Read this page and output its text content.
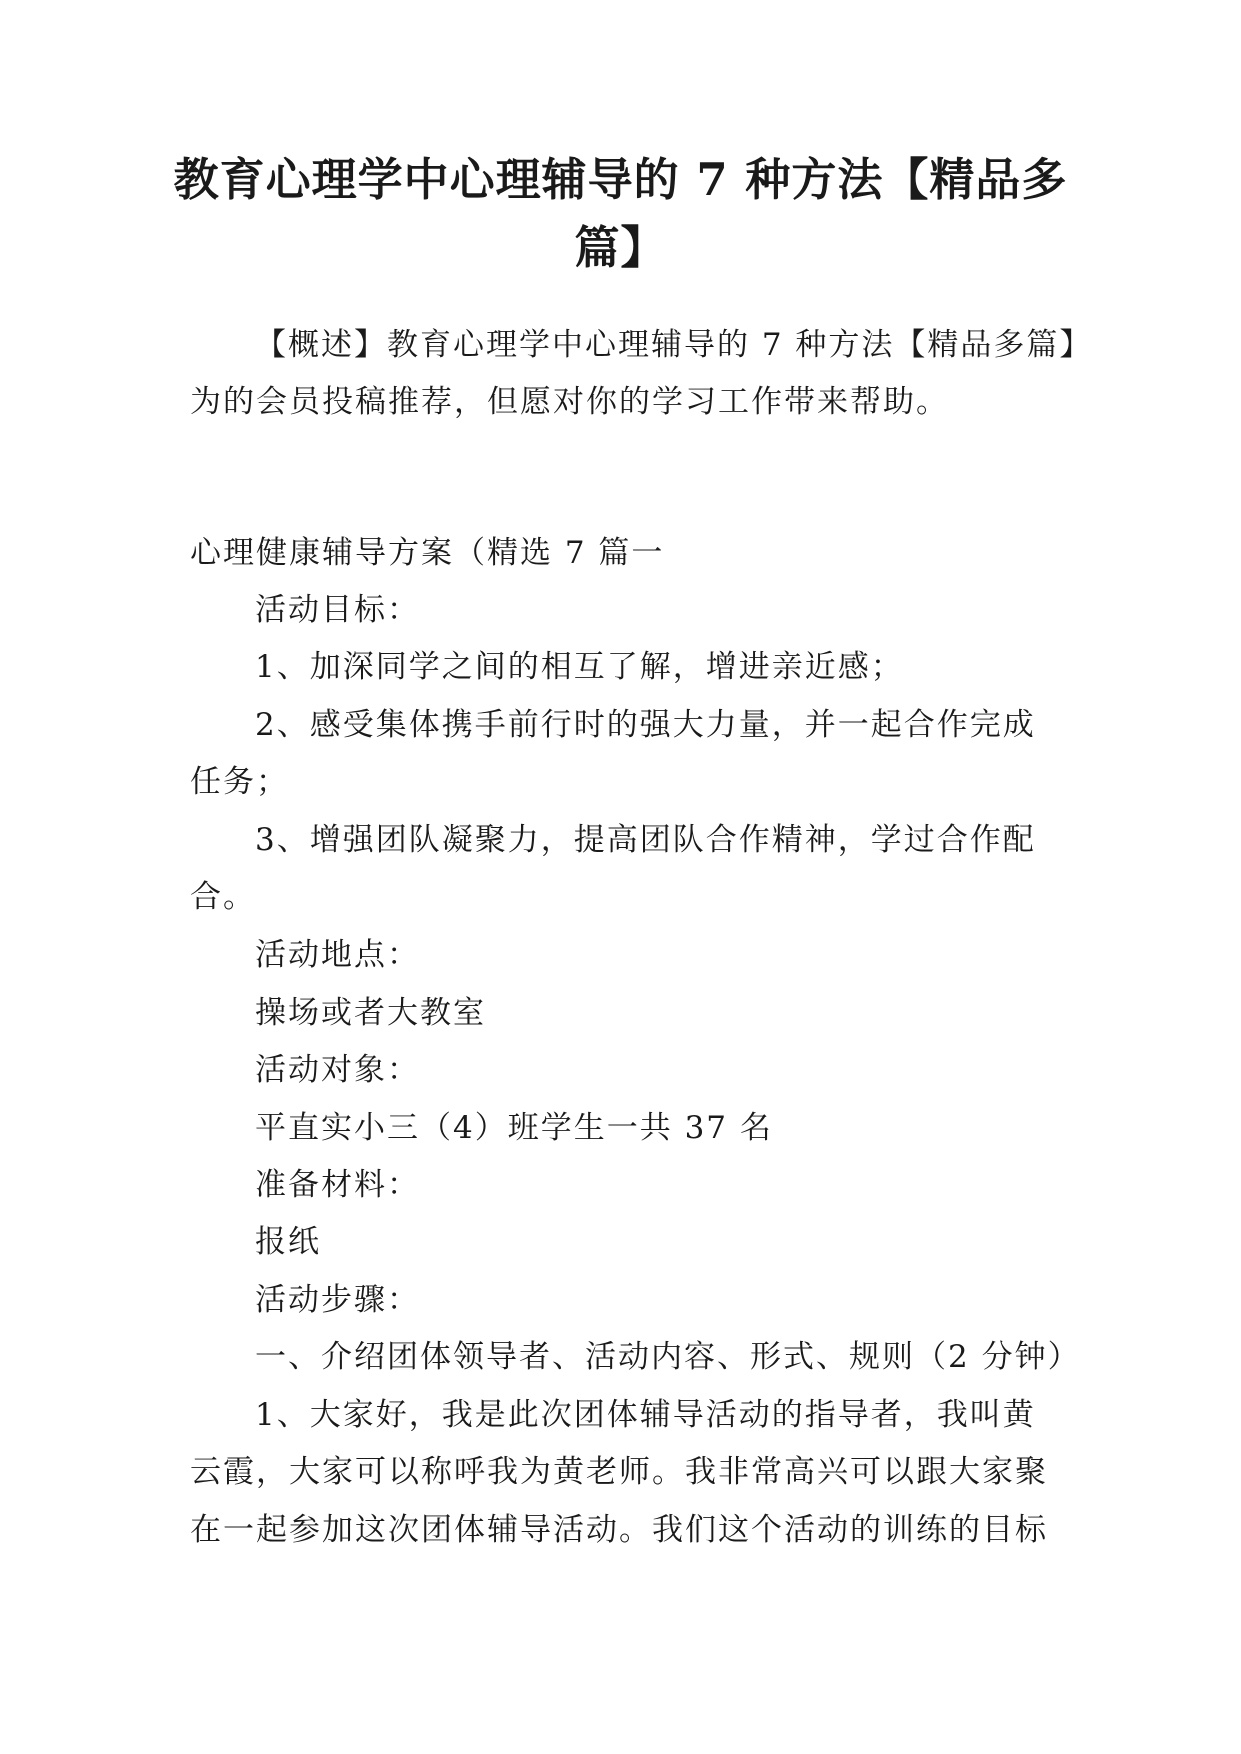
教育心理学中心理辅导的 7 种方法【精品多
篇】

【概述】教育心理学中心理辅导的 7 种方法【精品多篇】

为的会员投稿推荐，但愿对你的学习工作带来帮助。

心理健康辅导方案（精选 7 篇一

活动目标：

1、加深同学之间的相互了解，增进亲近感；

2、感受集体携手前行时的强大力量，并一起合作完成

任务；

3、增强团队凝聚力，提高团队合作精神，学过合作配

合。

活动地点：

操场或者大教室

活动对象：

平直实小三（4）班学生一共 37 名

准备材料：

报纸

活动步骤：

一、介绍团体领导者、活动内容、形式、规则（2 分钟）

1、大家好，我是此次团体辅导活动的指导者，我叫黄

云霞，大家可以称呼我为黄老师。我非常高兴可以跟大家聚

在一起参加这次团体辅导活动。我们这个活动的训练的目标
